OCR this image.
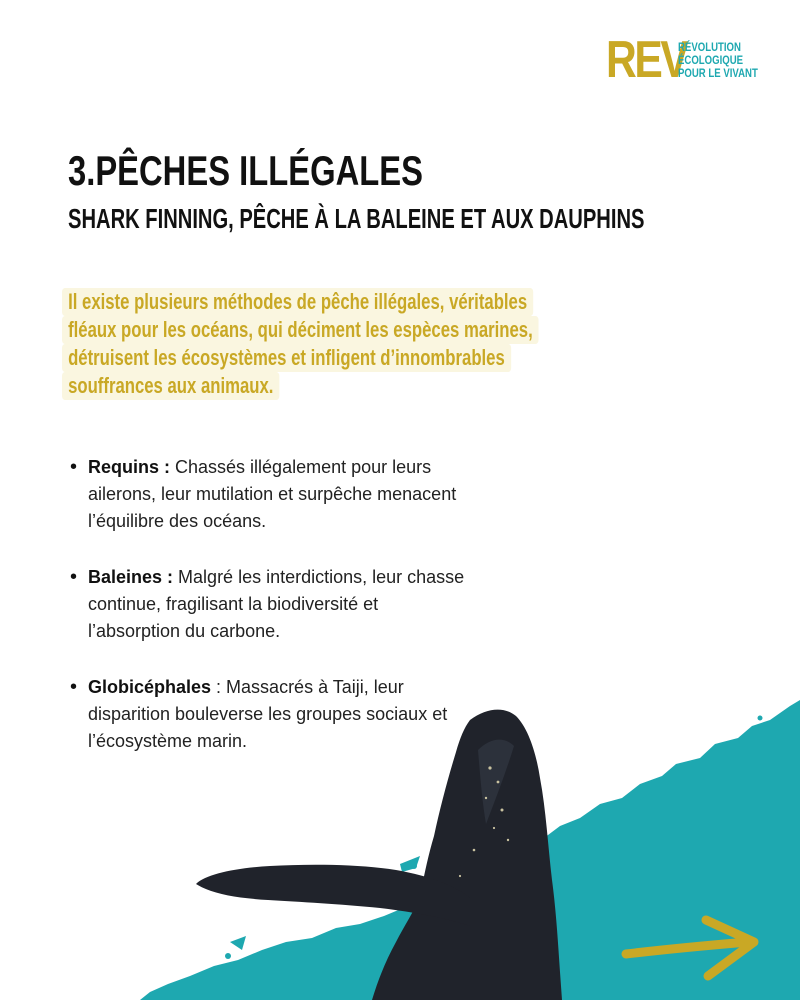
REV
RÉVOLUTION
ÉCOLOGIQUE
POUR LE VIVANT
3.PÊCHES ILLÉGALES
SHARK FINNING, PÊCHE À LA BALEINE ET AUX DAUPHINS
Il existe plusieurs méthodes de pêche illégales, véritables
fléaux pour les océans, qui déciment les espèces marines,
détruisent les écosystèmes et infligent d’innombrables
souffrances aux animaux.
• Requins : Chassés illégalement pour leurs ailerons, leur mutilation et surpêche menacent l’équilibre des océans.
• Baleines : Malgré les interdictions, leur chasse continue, fragilisant la biodiversité et l’absorption du carbone.
• Globicéphales : Massacrés à Taiji, leur disparition bouleverse les groupes sociaux et l’écosystème marin.
